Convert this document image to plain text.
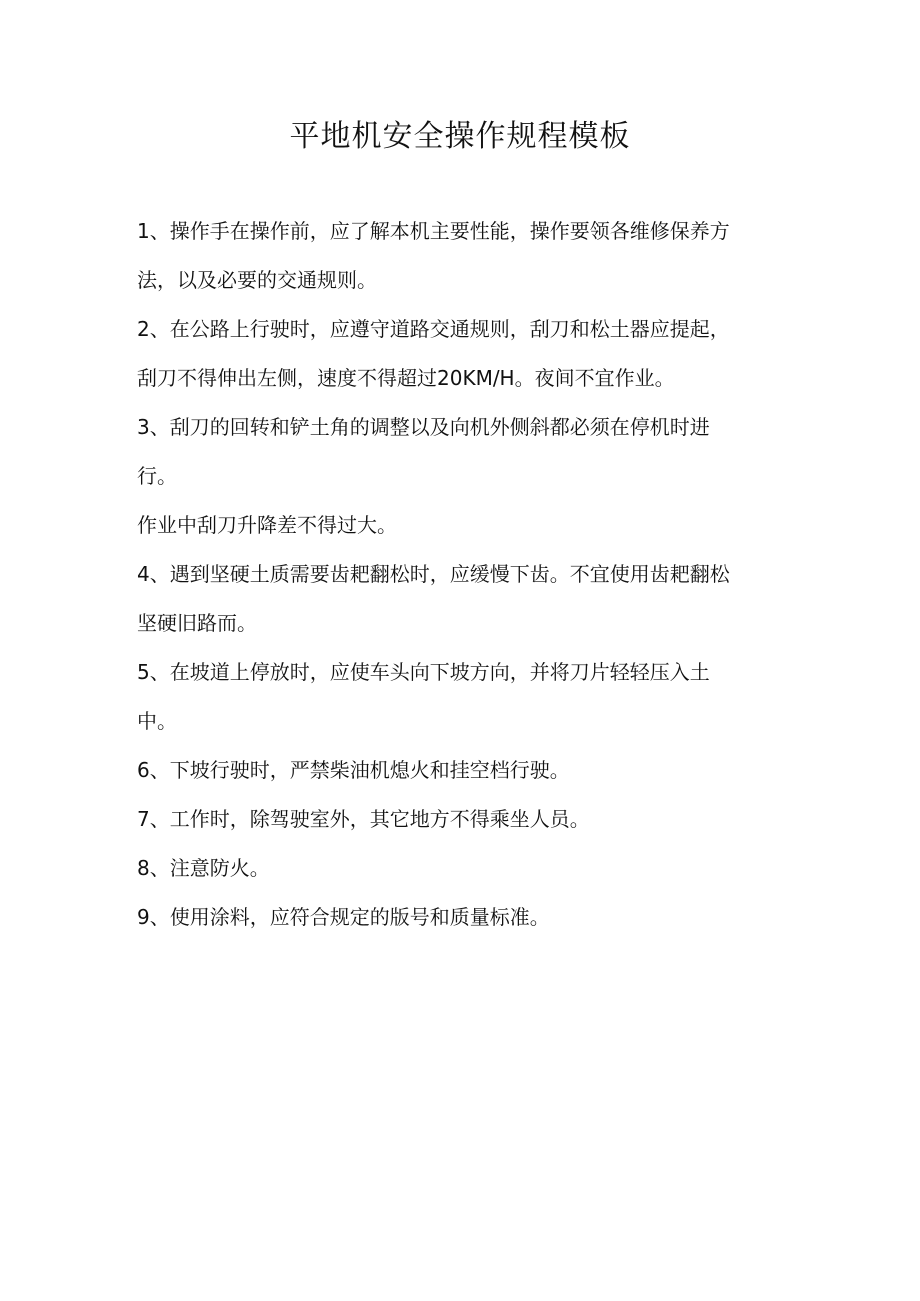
平地机安全操作规程模板
1、操作手在操作前，应了解本机主要性能，操作要领各维修保养方
法，以及必要的交通规则。
2、在公路上行驶时，应遵守道路交通规则，刮刀和松土器应提起，
刮刀不得伸出左侧，速度不得超过20KM/H。夜间不宜作业。
3、刮刀的回转和铲土角的调整以及向机外侧斜都必须在停机时进
行。
作业中刮刀升降差不得过大。
4、遇到坚硬土质需要齿耙翻松时，应缓慢下齿。不宜使用齿耙翻松
坚硬旧路而。
5、在坡道上停放时，应使车头向下坡方向，并将刀片轻轻压入土
中。
6、下坡行驶时，严禁柴油机熄火和挂空档行驶。
7、工作时，除驾驶室外，其它地方不得乘坐人员。
8、注意防火。
9、使用涂料，应符合规定的版号和质量标准。
